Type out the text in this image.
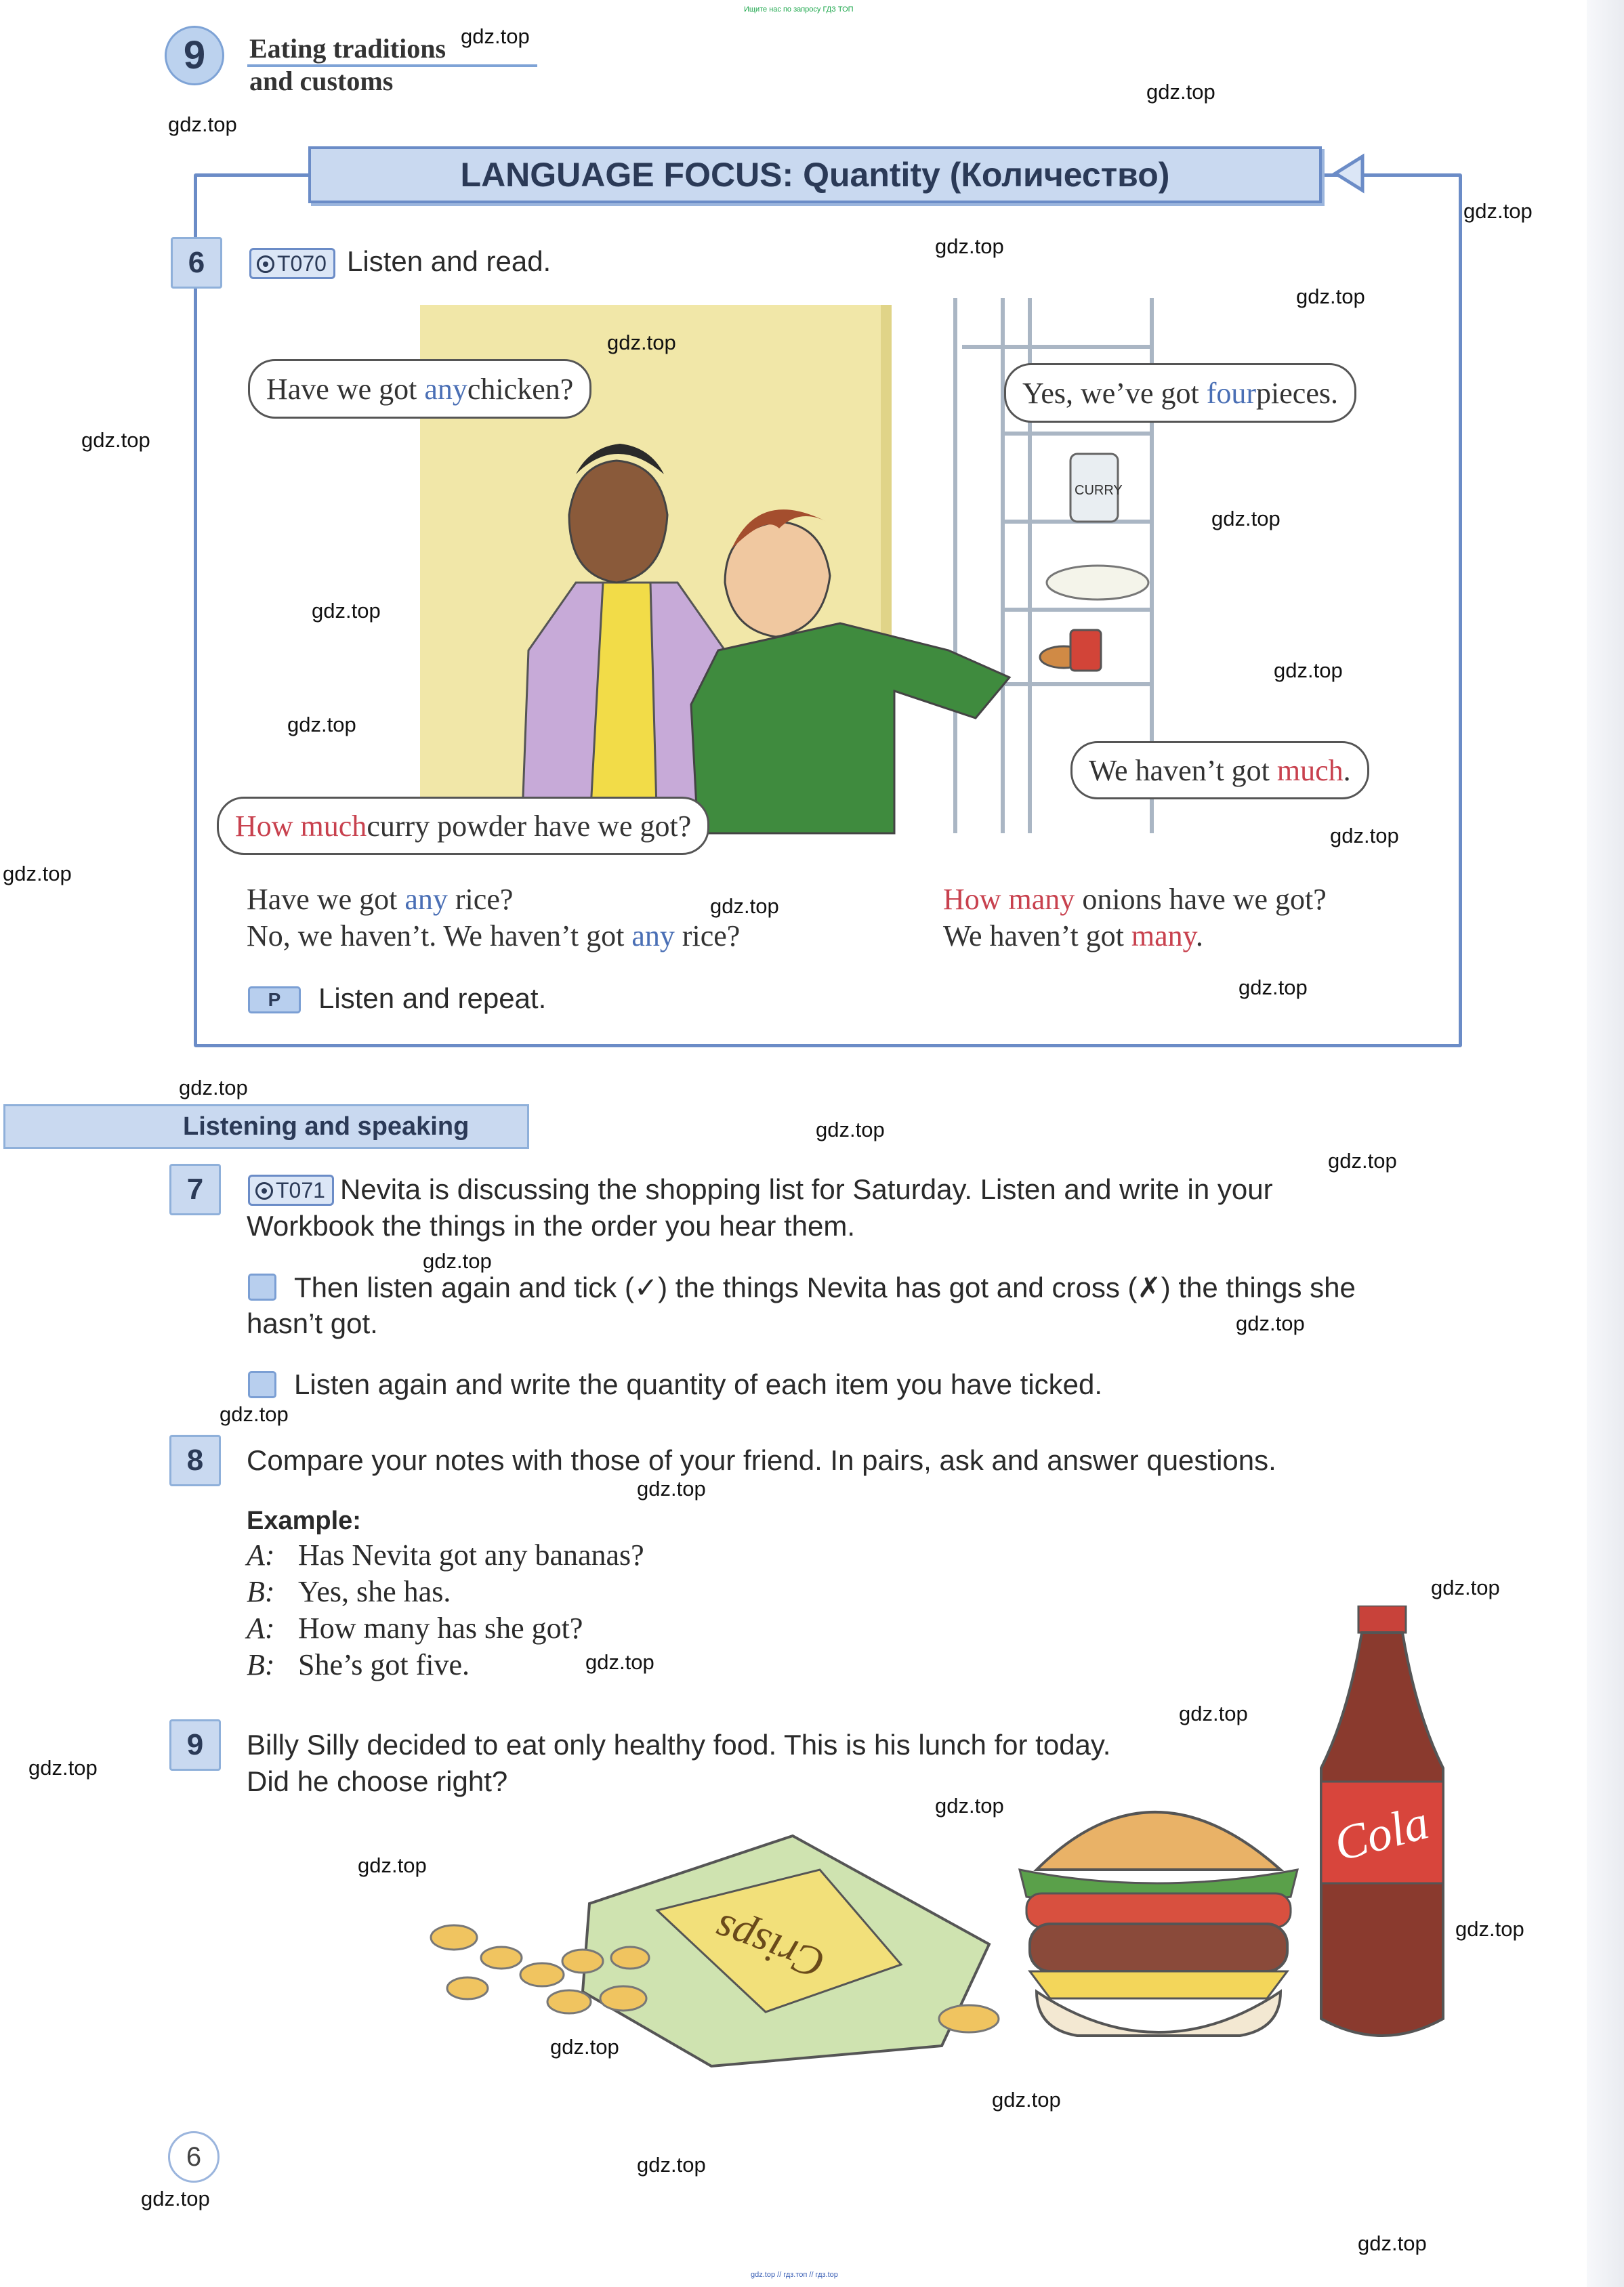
Ищите нас по запросу ГДЗ ТОП
gdz.top // гдз.топ // гдз.top
9	Eating traditions
and customs
LANGUAGE FOCUS: Quantity (Количество)
6	T070 Listen and read.
CURRY
Have we got
any chicken?	Yes, we’ve got
four pieces.
We haven’t got
much .
How much curry powder have we got?
Have we got any rice?
No, we haven’t. We haven’t got any rice?
How many onions have we got?
We haven’t got many.
P	Listen and repeat.
Listening and speaking
7	T071 Nevita is discussing the shopping list for Saturday. Listen and write in your
Workbook the things in the order you hear them.
Then listen again and tick (✓) the things Nevita has got and cross (✗) the things she
hasn’t got.
Listen again and write the quantity of each item you have ticked.
8	Compare your notes with those of your friend. In pairs, ask and answer questions.
Example:
A: Has Nevita got any bananas?
B: Yes, she has.
A: How many has she got?
B: She’s got five.
9	Billy Silly decided to eat only healthy food. This is his lunch for today.
Did he choose right?
Crisps
Cola
6
gdz.top
gdz.top
gdz.top
gdz.top
gdz.top
gdz.top
gdz.top
gdz.top
gdz.top
gdz.top
gdz.top
gdz.top
gdz.top
gdz.top
gdz.top
gdz.top
gdz.top
gdz.top
gdz.top
gdz.top
gdz.top
gdz.top
gdz.top
gdz.top
gdz.top
gdz.top
gdz.top
gdz.top
gdz.top
gdz.top
gdz.top
gdz.top
gdz.top
gdz.top
gdz.top
